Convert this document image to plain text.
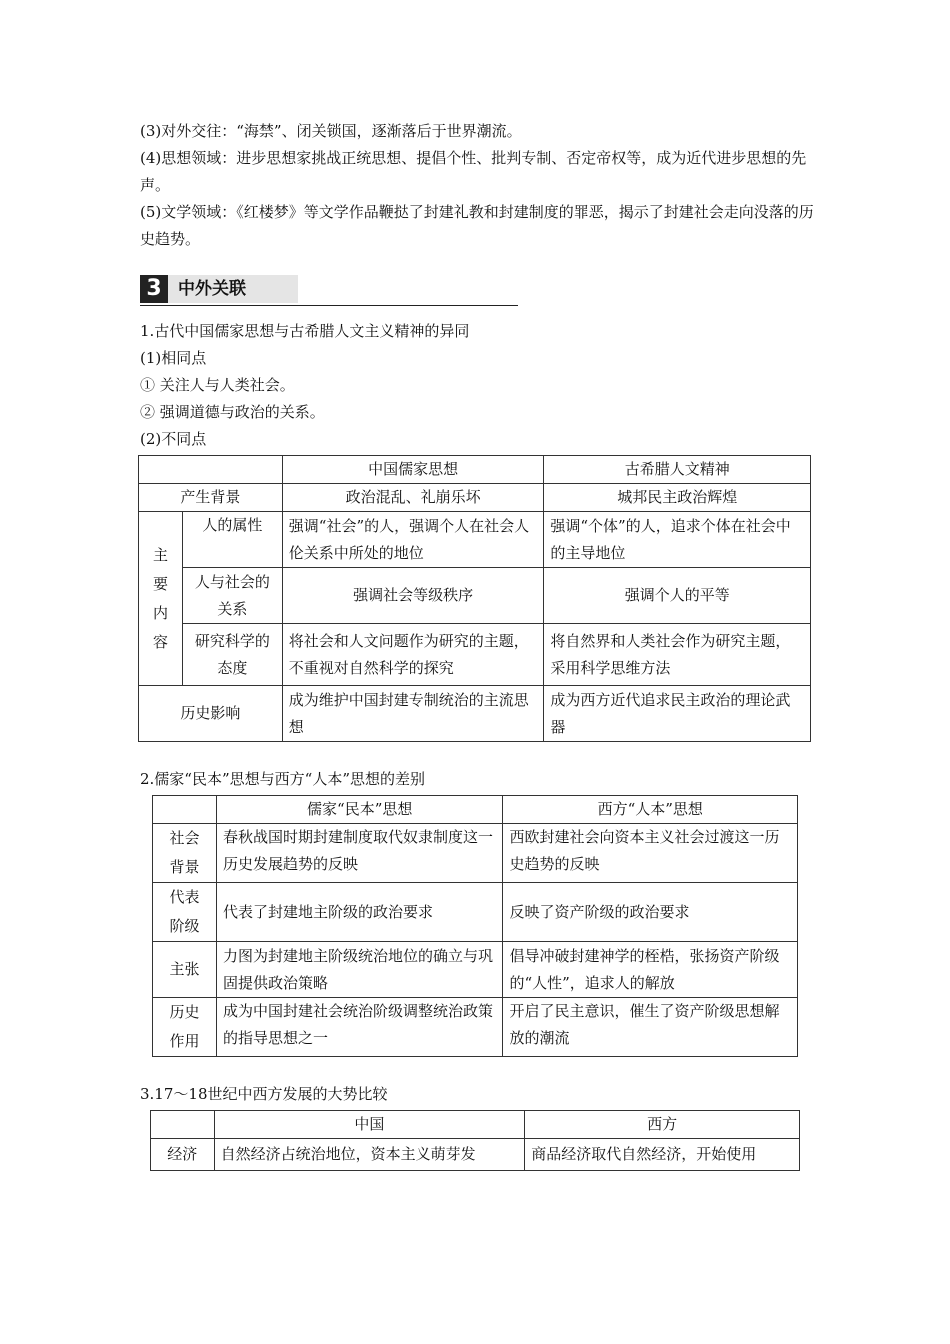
(3)对外交往：“海禁”、闭关锁国，逐渐落后于世界潮流。

(4)思想领域：进步思想家挑战正统思想、提倡个性、批判专制、否定帝权等，成为近代进步思想的先声。

(5)文学领域：《红楼梦》等文学作品鞭挞了封建礼教和封建制度的罪恶，揭示了封建社会走向没落的历史趋势。

3 中外关联

1.古代中国儒家思想与古希腊人文主义精神的异同

(1)相同点

① 关注人与人类社会。

② 强调道德与政治的关系。

(2)不同点

		中国儒家思想	古希腊人文精神
产生背景		政治混乱、礼崩乐坏	城邦民主政治辉煌
主要内容	人的属性	强调“社会”的人，强调个人在社会人伦关系中所处的地位	强调“个体”的人，追求个体在社会中的主导地位
	人与社会的关系	强调社会等级秩序	强调个人的平等
	研究科学的态度	将社会和人文问题作为研究的主题，不重视对自然科学的探究	将自然界和人类社会作为研究主题，采用科学思维方法
历史影响		成为维护中国封建专制统治的主流思想	成为西方近代追求民主政治的理论武器

2.儒家“民本”思想与西方“人本”思想的差别

	儒家“民本”思想	西方“人本”思想
社会背景	春秋战国时期封建制度取代奴隶制度这一历史发展趋势的反映	西欧封建社会向资本主义社会过渡这一历史趋势的反映
代表阶级	代表了封建地主阶级的政治要求	反映了资产阶级的政治要求
主张	力图为封建地主阶级统治地位的确立与巩固提供政治策略	倡导冲破封建神学的桎梏，张扬资产阶级的“人性”，追求人的解放
历史作用	成为中国封建社会统治阶级调整统治政策的指导思想之一	开启了民主意识，催生了资产阶级思想解放的潮流

3.17～18世纪中西方发展的大势比较

	中国	西方
经济	自然经济占统治地位，资本主义萌芽发	商品经济取代自然经济，开始使用
